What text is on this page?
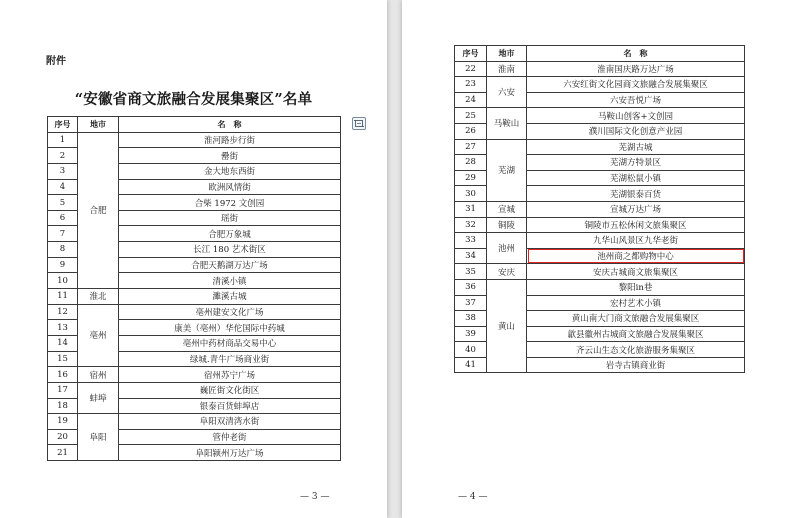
附件
“安徽省商文旅融合发展集聚区”名单
序号	地市	名　称
1	合肥	淮河路步行街
2		罍街
3		金大地东西街
4		欧洲风情街
5		合柴 1972 文创园
6		瑶街
7		合肥万象城
8		长江 180 艺术街区
9		合肥天鹅湖万达广场
10		清溪小镇
11	淮北	濉溪古城
12	亳州	亳州建安文化广场
13		康美（亳州）华佗国际中药城
14		亳州中药材商品交易中心
15		绿城.青牛广场商业街
16	宿州	宿州苏宁广场
17	蚌埠	巍匠街文化街区
18		银泰百货蚌埠店
19	阜阳	阜阳双清湾水街
20		管仲老街
21		阜阳颍州万达广场
— 3 —
序号	地市	名　称
22	淮南	淮南国庆路万达广场
23	六安	六安红街文化园商文旅融合发展集聚区
24		六安吾悦广场
25	马鞍山	马鞍山创客+文创园
26		濮川国际文化创意产业园
27	芜湖	芜湖古城
28		芜湖方特景区
29		芜湖松鼠小镇
30		芜湖银泰百货
31	宣城	宣城万达广场
32	铜陵	铜陵市五松休闲文旅集聚区
33	池州	九华山风景区九华老街
34		池州商之都购物中心
35	安庆	安庆古城商文旅集聚区
36	黄山	黎阳in巷
37		宏村艺术小镇
38		黄山南大门商文旅融合发展集聚区
39		歙县徽州古城商文旅融合发展集聚区
40		齐云山生态文化旅游服务集聚区
41		岩寺古镇商业街
— 4 —
